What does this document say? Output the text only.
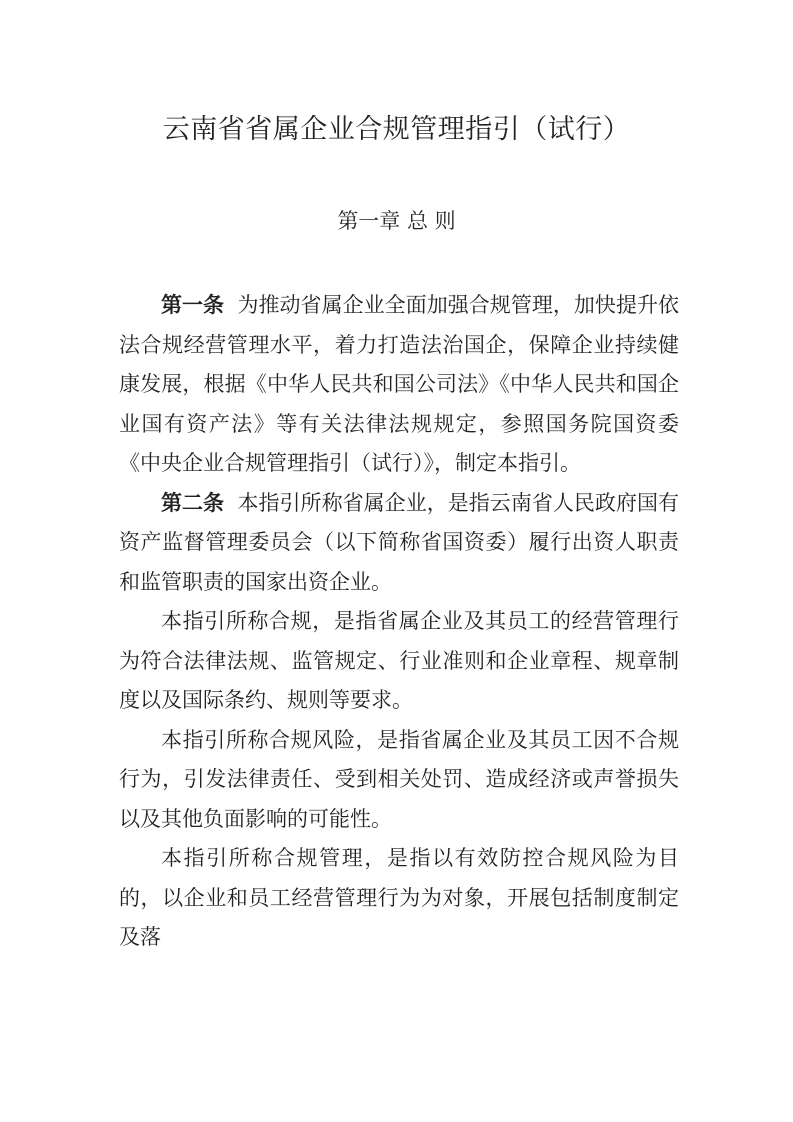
云南省省属企业合规管理指引（试行）
第一章 总 则

第一条 为推动省属企业全面加强合规管理，加快提升依法合规经营管理水平，着力打造法治国企，保障企业持续健康发展，根据《中华人民共和国公司法》《中华人民共和国企业国有资产法》等有关法律法规规定，参照国务院国资委《中央企业合规管理指引（试行）》，制定本指引。

第二条 本指引所称省属企业，是指云南省人民政府国有资产监督管理委员会（以下简称省国资委）履行出资人职责和监管职责的国家出资企业。

本指引所称合规，是指省属企业及其员工的经营管理行为符合法律法规、监管规定、行业准则和企业章程、规章制度以及国际条约、规则等要求。

本指引所称合规风险，是指省属企业及其员工因不合规行为，引发法律责任、受到相关处罚、造成经济或声誉损失以及其他负面影响的可能性。

本指引所称合规管理，是指以有效防控合规风险为目的，以企业和员工经营管理行为为对象，开展包括制度制定及落
